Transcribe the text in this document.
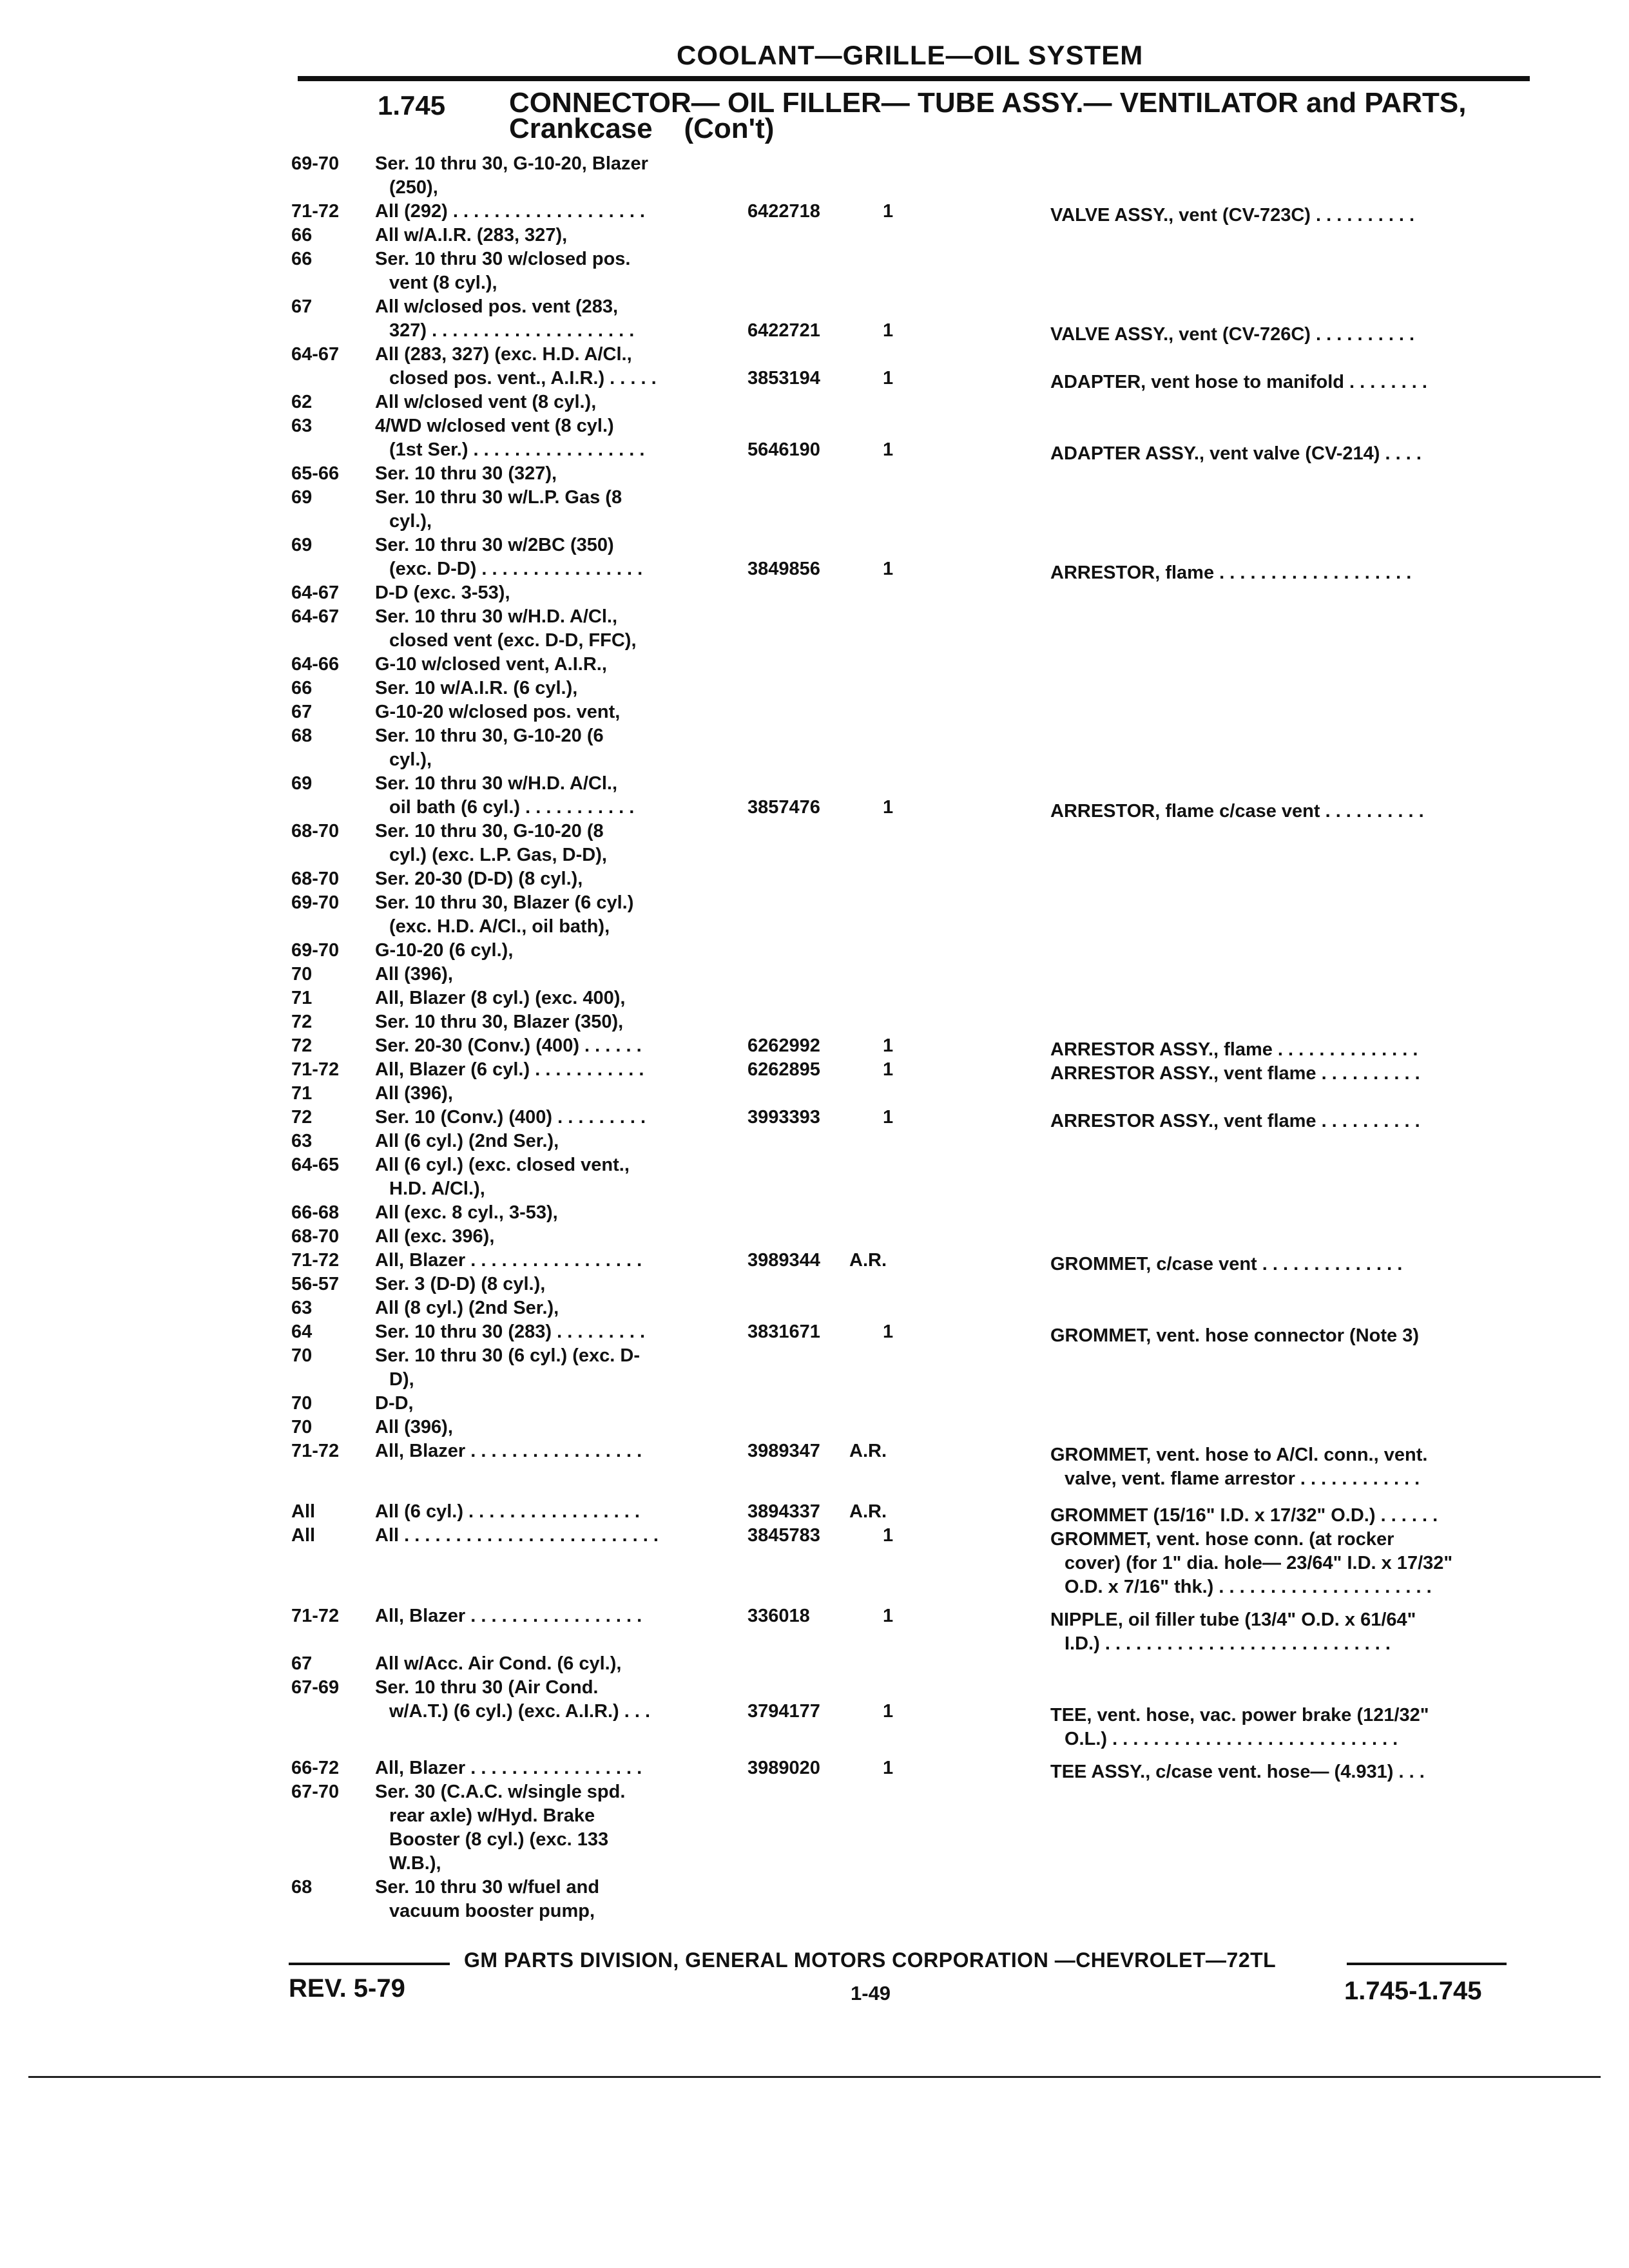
COOLANT—GRILLE—OIL SYSTEM
1.745 CONNECTOR— OIL FILLER— TUBE ASSY.— VENTILATOR and PARTS,
Crankcase    (Con't)
69-70	Ser. 10 thru 30, G-10-20, Blazer
(250),
71-72	All (292) . . . . . . . . . . . . . . . . . . .	6422718	1	VALVE ASSY., vent (CV-723C) . . . . . . . . . .
66	All w/A.I.R. (283, 327),
66	Ser. 10 thru 30 w/closed pos.
vent (8 cyl.),
67	All w/closed pos. vent (283,
327) . . . . . . . . . . . . . . . . . . . .	6422721	1	VALVE ASSY., vent (CV-726C) . . . . . . . . . .
64-67	All (283, 327) (exc. H.D. A/Cl.,
closed pos. vent., A.I.R.) . . . . .	3853194	1	ADAPTER, vent hose to manifold . . . . . . . .
62	All w/closed vent (8 cyl.),
63	4/WD w/closed vent (8 cyl.)
(1st Ser.) . . . . . . . . . . . . . . . . .	5646190	1	ADAPTER ASSY., vent valve (CV-214) . . . .
65-66	Ser. 10 thru 30 (327),
69	Ser. 10 thru 30 w/L.P. Gas (8
cyl.),
69	Ser. 10 thru 30 w/2BC (350)
(exc. D-D) . . . . . . . . . . . . . . . .	3849856	1	ARRESTOR, flame . . . . . . . . . . . . . . . . . . .
64-67	D-D (exc. 3-53),
64-67	Ser. 10 thru 30 w/H.D. A/Cl.,
closed vent (exc. D-D, FFC),
64-66	G-10 w/closed vent, A.I.R.,
66	Ser. 10 w/A.I.R. (6 cyl.),
67	G-10-20 w/closed pos. vent,
68	Ser. 10 thru 30, G-10-20 (6
cyl.),
69	Ser. 10 thru 30 w/H.D. A/Cl.,
oil bath (6 cyl.) . . . . . . . . . . .	3857476	1	ARRESTOR, flame c/case vent . . . . . . . . . .
68-70	Ser. 10 thru 30, G-10-20 (8
cyl.) (exc. L.P. Gas, D-D),
68-70	Ser. 20-30 (D-D) (8 cyl.),
69-70	Ser. 10 thru 30, Blazer (6 cyl.)
(exc. H.D. A/Cl., oil bath),
69-70	G-10-20 (6 cyl.),
70	All (396),
71	All, Blazer (8 cyl.) (exc. 400),
72	Ser. 10 thru 30, Blazer (350),
72	Ser. 20-30 (Conv.) (400) . . . . . .	6262992	1	ARRESTOR ASSY., flame . . . . . . . . . . . . . .
71-72	All, Blazer (6 cyl.) . . . . . . . . . . .	6262895	1	ARRESTOR ASSY., vent flame . . . . . . . . . .
71	All (396),
72	Ser. 10 (Conv.) (400) . . . . . . . . .	3993393	1	ARRESTOR ASSY., vent flame . . . . . . . . . .
63	All (6 cyl.) (2nd Ser.),
64-65	All (6 cyl.) (exc. closed vent.,
H.D. A/Cl.),
66-68	All (exc. 8 cyl., 3-53),
68-70	All (exc. 396),
71-72	All, Blazer . . . . . . . . . . . . . . . . .	3989344	A.R.	GROMMET, c/case vent . . . . . . . . . . . . . .
56-57	Ser. 3 (D-D) (8 cyl.),
63	All (8 cyl.) (2nd Ser.),
64	Ser. 10 thru 30 (283) . . . . . . . . .	3831671	1	GROMMET, vent. hose connector (Note 3)
70	Ser. 10 thru 30 (6 cyl.) (exc. D-
D),
70	D-D,
70	All (396),
71-72	All, Blazer . . . . . . . . . . . . . . . . .	3989347	A.R.	GROMMET, vent. hose to A/Cl. conn., vent.
valve, vent. flame arrestor . . . . . . . . . . . .
All	All (6 cyl.) . . . . . . . . . . . . . . . . .	3894337	A.R.	GROMMET (15/16" I.D. x 17/32" O.D.) . . . . . .
All	All . . . . . . . . . . . . . . . . . . . . . . . . .	3845783	1	GROMMET, vent. hose conn. (at rocker
cover) (for 1" dia. hole— 23/64" I.D. x 17/32"
O.D. x 7/16" thk.) . . . . . . . . . . . . . . . . . . . . .
71-72	All, Blazer . . . . . . . . . . . . . . . . .	336018	1	NIPPLE, oil filler tube (13/4" O.D. x 61/64"
I.D.) . . . . . . . . . . . . . . . . . . . . . . . . . . . .
67	All w/Acc. Air Cond. (6 cyl.),
67-69	Ser. 10 thru 30 (Air Cond.
w/A.T.) (6 cyl.) (exc. A.I.R.) . . .	3794177	1	TEE, vent. hose, vac. power brake (121/32"
O.L.) . . . . . . . . . . . . . . . . . . . . . . . . . . . .
66-72	All, Blazer . . . . . . . . . . . . . . . . .	3989020	1	TEE ASSY., c/case vent. hose— (4.931) . . .
67-70	Ser. 30 (C.A.C. w/single spd.
rear axle) w/Hyd. Brake
Booster (8 cyl.) (exc. 133
W.B.),
68	Ser. 10 thru 30 w/fuel and
vacuum booster pump,
GM PARTS DIVISION, GENERAL MOTORS CORPORATION —CHEVROLET—72TL
REV. 5-79	1-49	1.745-1.745
